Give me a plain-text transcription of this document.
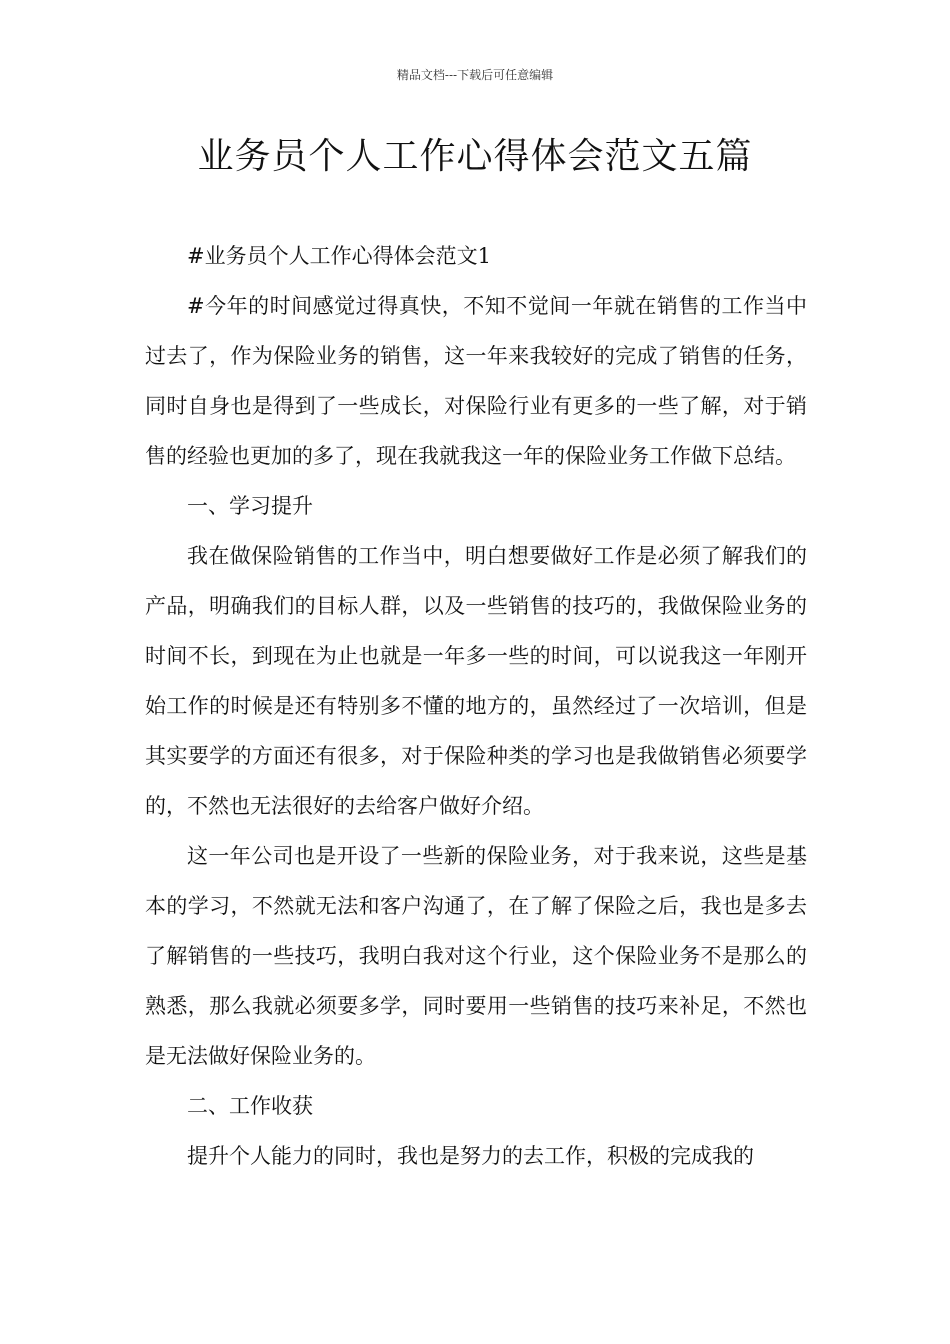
精品文档---下载后可任意编辑
业务员个人工作心得体会范文五篇

#业务员个人工作心得体会范文1

#今年的时间感觉过得真快，不知不觉间一年就在销售的工作当中过去了，作为保险业务的销售，这一年来我较好的完成了销售的任务，同时自身也是得到了一些成长，对保险行业有更多的一些了解，对于销售的经验也更加的多了，现在我就我这一年的保险业务工作做下总结。

一、学习提升

我在做保险销售的工作当中，明白想要做好工作是必须了解我们的产品，明确我们的目标人群，以及一些销售的技巧的，我做保险业务的时间不长，到现在为止也就是一年多一些的时间，可以说我这一年刚开始工作的时候是还有特别多不懂的地方的，虽然经过了一次培训，但是其实要学的方面还有很多，对于保险种类的学习也是我做销售必须要学的，不然也无法很好的去给客户做好介绍。

这一年公司也是开设了一些新的保险业务，对于我来说，这些是基本的学习，不然就无法和客户沟通了，在了解了保险之后，我也是多去了解销售的一些技巧，我明白我对这个行业，这个保险业务不是那么的熟悉，那么我就必须要多学，同时要用一些销售的技巧来补足，不然也是无法做好保险业务的。

二、工作收获

提升个人能力的同时，我也是努力的去工作，积极的完成我的
